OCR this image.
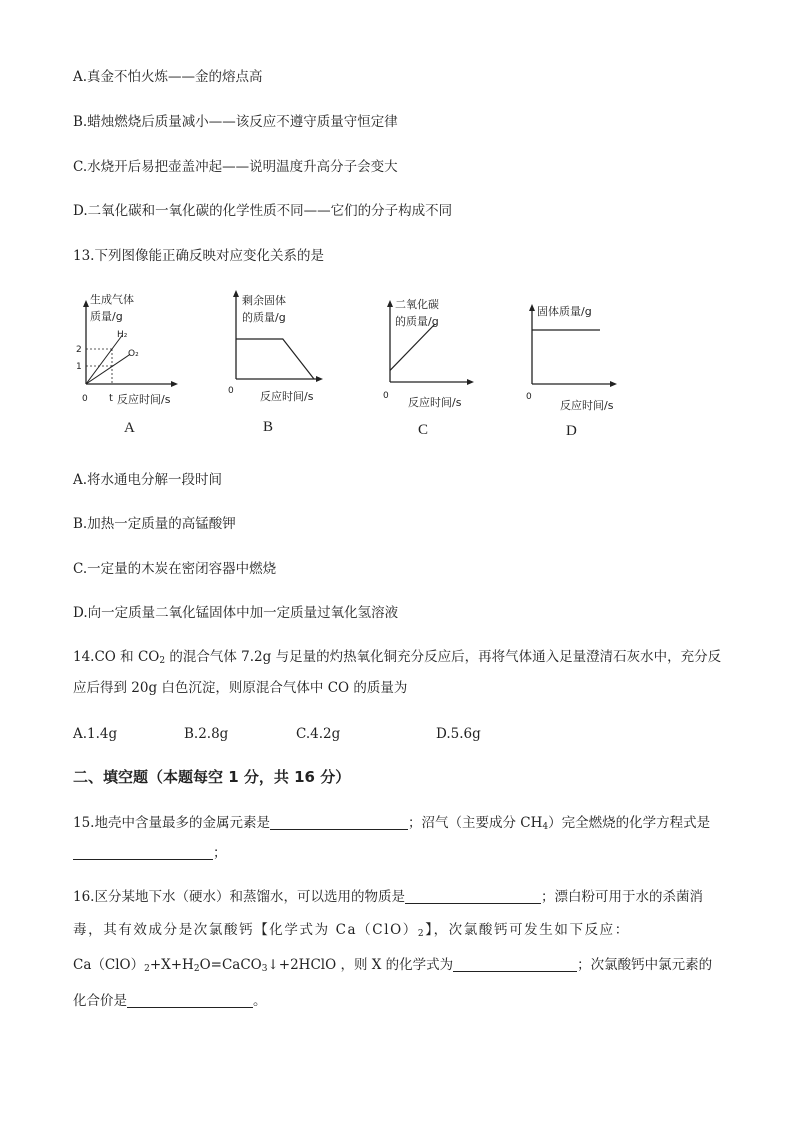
A.真金不怕火炼——金的熔点高
B.蜡烛燃烧后质量减小——该反应不遵守质量守恒定律
C.水烧开后易把壶盖冲起——说明温度升高分子会变大
D.二氧化碳和一氧化碳的化学性质不同——它们的分子构成不同
13.下列图像能正确反映对应变化关系的是
生成气体
质量/g
H₂
O₂
2
1
0 t 反应时间/s
A
剩余固体
的质量/g
0 反应时间/s
B
二氧化碳
的质量/g
0 反应时间/s
C
固体质量/g
0
反应时间/s
D
A.将水通电分解一段时间
B.加热一定质量的高锰酸钾
C.一定量的木炭在密闭容器中燃烧
D.向一定质量二氧化锰固体中加一定质量过氧化氢溶液
14.CO 和 $CO_2$ 的混合气体 7.2g 与足量的灼热氧化铜充分反应后，再将气体通入足量澄清石灰水中，充分反
应后得到 20g 白色沉淀，则原混合气体中 CO 的质量为
A.1.4g	B.2.8g	C.4.2g	D.5.6g
二、填空题（本题每空 1 分，共 16 分）
15.地壳中含量最多的金属元素是	；沼气（主要成分 $CH_4$）完全燃烧的化学方程式是
；
16.区分某地下水（硬水）和蒸馏水，可以选用的物质是	；漂白粉可用于水的杀菌消
毒，其有效成分是次氯酸钙【化学式为 $Ca(ClO)_2$】，次氯酸钙可发生如下反应：
$Ca(ClO)_2+X+H_2O=CaCO_3↓+2HClO$ ，则 X 的化学式为	；次氯酸钙中氯元素的
化合价是	。
